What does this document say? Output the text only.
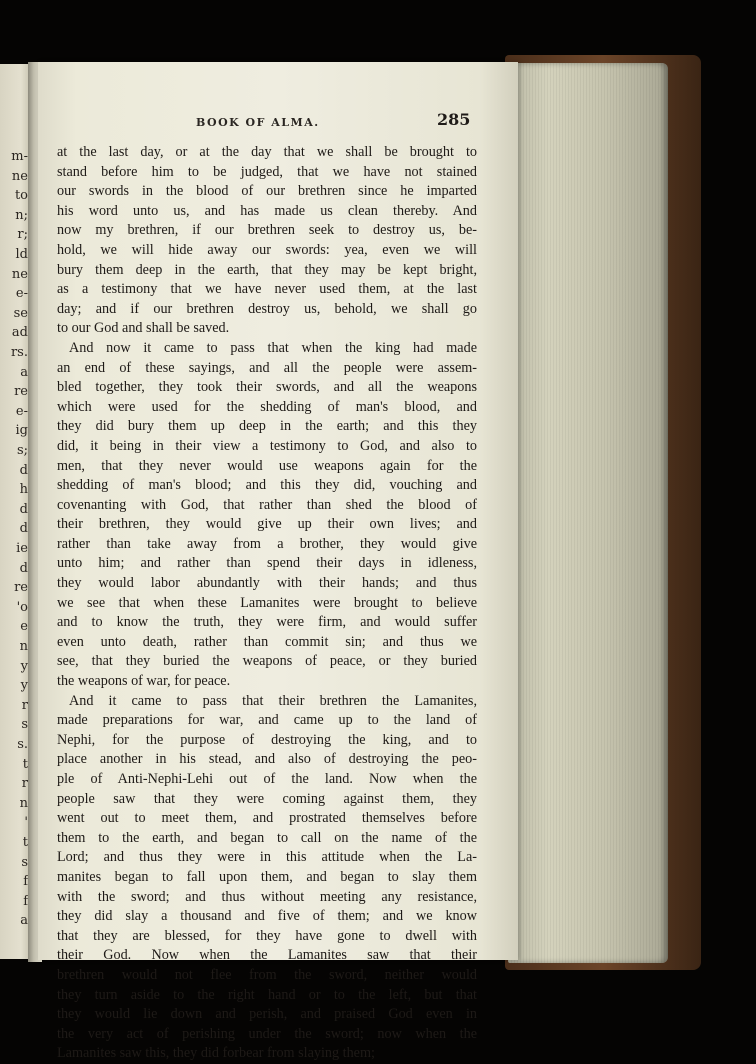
m-
ne
to
n;
r;
ld
ne
e-
se
ad
rs.
a
re
e-
ig
s;
d
h
d
d
ie
d
re
'o
e
n
y
y
r
s
s.
t
r
n
'
t
s
f
f
a
BOOK OF ALMA.	285
at the last day, or at the day that we shall be brought to
stand before him to be judged, that we have not stained
our swords in the blood of our brethren since he imparted
his word unto us, and has made us clean thereby. And
now my brethren, if our brethren seek to destroy us, be-
hold, we will hide away our swords: yea, even we will
bury them deep in the earth, that they may be kept bright,
as a testimony that we have never used them, at the last
day; and if our brethren destroy us, behold, we shall go
to our God and shall be saved.
And now it came to pass that when the king had made
an end of these sayings, and all the people were assem-
bled together, they took their swords, and all the weapons
which were used for the shedding of man's blood, and
they did bury them up deep in the earth; and this they
did, it being in their view a testimony to God, and also to
men, that they never would use weapons again for the
shedding of man's blood; and this they did, vouching and
covenanting with God, that rather than shed the blood of
their brethren, they would give up their own lives; and
rather than take away from a brother, they would give
unto him; and rather than spend their days in idleness,
they would labor abundantly with their hands; and thus
we see that when these Lamanites were brought to believe
and to know the truth, they were firm, and would suffer
even unto death, rather than commit sin; and thus we
see, that they buried the weapons of peace, or they buried
the weapons of war, for peace.
And it came to pass that their brethren the Lamanites,
made preparations for war, and came up to the land of
Nephi, for the purpose of destroying the king, and to
place another in his stead, and also of destroying the peo-
ple of Anti-Nephi-Lehi out of the land. Now when the
people saw that they were coming against them, they
went out to meet them, and prostrated themselves before
them to the earth, and began to call on the name of the
Lord; and thus they were in this attitude when the La-
manites began to fall upon them, and began to slay them
with the sword; and thus without meeting any resistance,
they did slay a thousand and five of them; and we know
that they are blessed, for they have gone to dwell with
their God. Now when the Lamanites saw that their
brethren would not flee from the sword, neither would
they turn aside to the right hand or to the left, but that
they would lie down and perish, and praised God even in
the very act of perishing under the sword; now when the
Lamanites saw this, they did forbear from slaying them;
